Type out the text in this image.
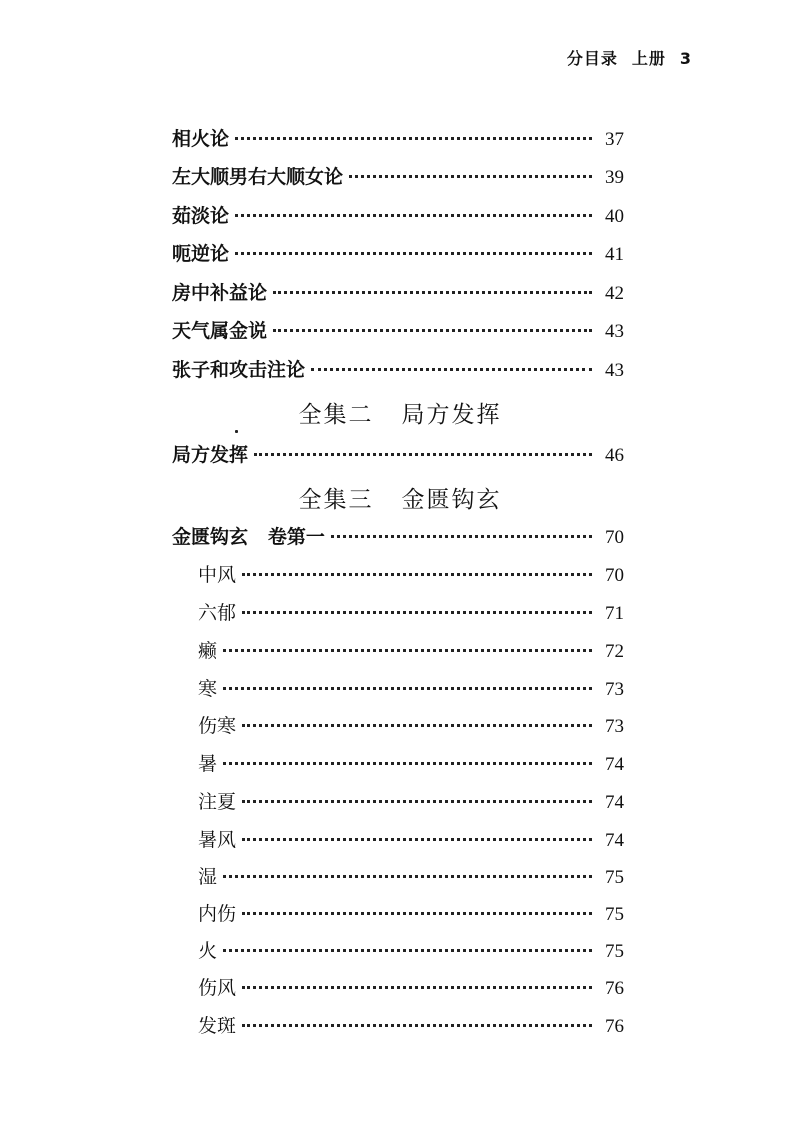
分目录 上册 3
相火论	37
左大顺男右大顺女论	39
茹淡论	40
呃逆论	41
房中补益论	42
天气属金说	43
张子和攻击注论	43
全集二 局方发挥
局方发挥	46
全集三 金匮钩玄
金匮钩玄   卷第一	70
中风	70
六郁	71
癞	72
寒	73
伤寒	73
暑	74
注夏	74
暑风	74
湿	75
内伤	75
火	75
伤风	76
发斑	76
